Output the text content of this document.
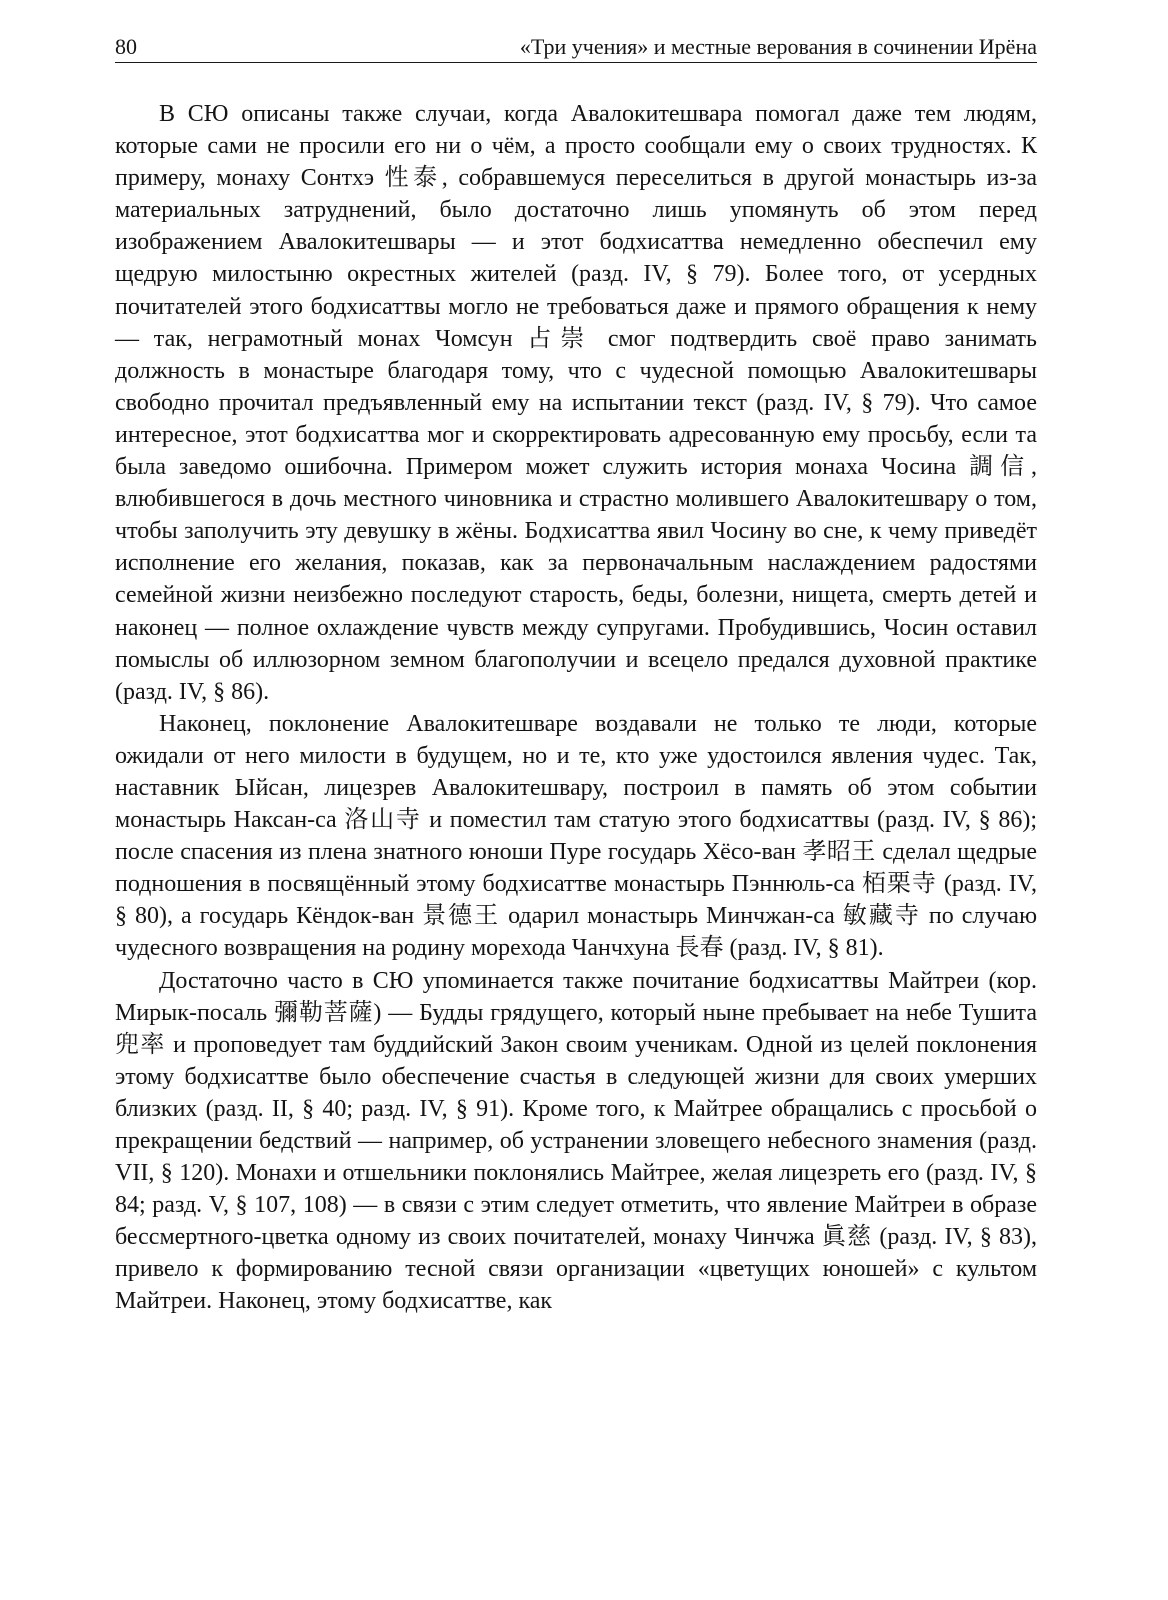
80	«Три учения» и местные верования в сочинении Ирёна

В СЮ описаны также случаи, когда Авалокитешвара помогал даже тем людям, которые сами не просили его ни о чём, а просто сообщали ему о своих трудностях. К примеру, монаху Сонтхэ 性泰, собравшемуся переселиться в другой монастырь из-за материальных затруднений, было достаточно лишь упомянуть об этом перед изображением Авалокитешвары — и этот бодхисаттва немедленно обеспечил ему щедрую милостыню окрестных жителей (разд. IV, § 79). Более того, от усердных почитателей этого бодхисаттвы могло не требоваться даже и прямого обращения к нему — так, неграмотный монах Чомсун 占崇 смог подтвердить своё право занимать должность в монастыре благодаря тому, что с чудесной помощью Авалокитешвары свободно прочитал предъявленный ему на испытании текст (разд. IV, § 79). Что самое интересное, этот бодхисаттва мог и скорректировать адресованную ему просьбу, если та была заведомо ошибочна. Примером может служить история монаха Чосина 調信, влюбившегося в дочь местного чиновника и страстно молившего Авалокитешвару о том, чтобы заполучить эту девушку в жёны. Бодхисаттва явил Чосину во сне, к чему приведёт исполнение его желания, показав, как за первоначальным наслаждением радостями семейной жизни неизбежно последуют старость, беды, болезни, нищета, смерть детей и наконец — полное охлаждение чувств между супругами. Пробудившись, Чосин оставил помыслы об иллюзорном земном благополучии и всецело предался духовной практике (разд. IV, § 86).

Наконец, поклонение Авалокитешваре воздавали не только те люди, которые ожидали от него милости в будущем, но и те, кто уже удостоился явления чудес. Так, наставник Ыйсан, лицезрев Авалокитешвару, построил в память об этом событии монастырь Наксан-са 洛山寺 и поместил там статую этого бодхисаттвы (разд. IV, § 86); после спасения из плена знатного юноши Пуре государь Хёсо-ван 孝昭王 сделал щедрые подношения в посвящённый этому бодхисаттве монастырь Пэннюль-са 栢栗寺 (разд. IV, § 80), а государь Кёндок-ван 景德王 одарил монастырь Минчжан-са 敏藏寺 по случаю чудесного возвращения на родину морехода Чанчхуна 長春 (разд. IV, § 81).

Достаточно часто в СЮ упоминается также почитание бодхисаттвы Майтреи (кор. Мирык-посаль 彌勒菩薩) — Будды грядущего, который ныне пребывает на небе Тушита 兜率 и проповедует там буддийский Закон своим ученикам. Одной из целей поклонения этому бодхисаттве было обеспечение счастья в следующей жизни для своих умерших близких (разд. II, § 40; разд. IV, § 91). Кроме того, к Майтрее обращались с просьбой о прекращении бедствий — например, об устранении зловещего небесного знамения (разд. VII, § 120). Монахи и отшельники поклонялись Майтрее, желая лицезреть его (разд. IV, § 84; разд. V, § 107, 108) — в связи с этим следует отметить, что явление Майтреи в образе бессмертного-цветка одному из своих почитателей, монаху Чинчжа 眞慈 (разд. IV, § 83), привело к формированию тесной связи организации «цветущих юношей» с культом Майтреи. Наконец, этому бодхисаттве, как
